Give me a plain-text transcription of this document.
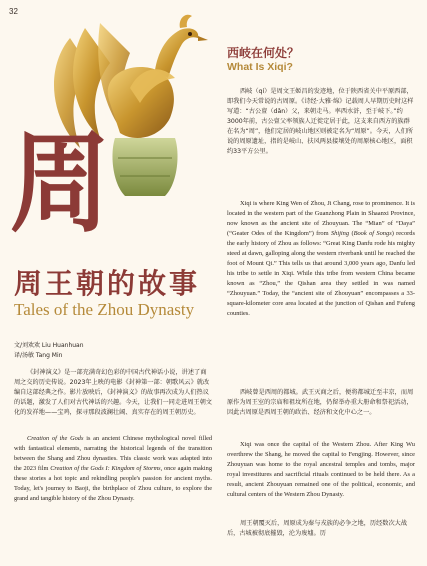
32
周
周王朝的故事
Tales of the Zhou Dynasty
文/刘欢欢 Liu Huanhuan
译/汤敏 Tang Min

《封神演义》是一部充满奇幻色彩的中国古代神话小说，讲述了商周之交的历史传说。2023年上映的电影《封神第一部：朝歌风云》就改编自这部经典之作。影片放映后，《封神演义》的故事再次成为人们热议的话题，激发了人们对古代神话的兴趣。今天，让我们一同走进周王朝文化的发祥地——宝鸡，探寻那段波澜壮阔、真实存在的周王朝历史。

Creation of the Gods is an ancient Chinese mythological novel filled with fantastical elements, narrating the historical legends of the transition between the Shang and Zhou dynasties. This classic work was adapted into the 2023 film Creation of the Gods I: Kingdom of Storms, once again making these stories a hot topic and rekindling people's passion for ancient myths. Today, let's journey to Baoji, the birthplace of Zhou culture, to explore the grand and tangible history of the Zhou Dynasty.

西岐在何处？
What Is Xiqi?

西岐（qí）是周文王姬昌的发迹地，位于陕西省关中平原西部，即我们今天常说的古周原。《诗经·大雅·绵》记载周人早期历史时这样写道：“古公亶（dǎn）父，来朝走马。率西水浒，至于岐下。”约3000年前，古公亶父率领族人迁徙定居于此，这支来自西方的族群在名为“周”，他们定居的岐山地区则被定名为“周原”。今天，人们所说的周原遗址，指的是岐山、扶风两县接壤处的周原核心地区，面积约33平方公里。

Xiqi is where King Wen of Zhou, Ji Chang, rose to prominence. It is located in the western part of the Guanzhong Plain in Shaanxi Province, now known as the ancient site of Zhouyuan. The “Mian” of “Daya” (“Geater Odes of the Kingdom”) from Shijing (Book of Songs) records the early history of Zhou as follows: “Great King Danfu rode his mighty steed at dawn, galloping along the western riverbank until he reached the foot of Mount Qi.” This tells us that around 3,000 years ago, Danfu led his tribe to settle in Xiqi. While this tribe from western China became known as “Zhou,” the Qishan area they settled in was named “Zhouyuan.” Today, the “ancient site of Zhouyuan” encompasses a 33-square-kilometer core area located at the junction of Qishan and Fufeng counties.

西岐曾是西周的都城。武王灭商之后，便将都城迁至丰京，而周原作为周王室的宗庙和祖坟所在地，仍留举办重大册命和祭祀活动，因此古周原是西周王朝的政治、经济和文化中心之一。

Xiqi was once the capital of the Western Zhou. After King Wu overthrew the Shang, he moved the capital to Fengjing. However, since Zhouyuan was home to the royal ancestral temples and tombs, major royal investitures and sacrificial rituals continued to be held there. As a result, ancient Zhouyuan remained one of the political, economic, and cultural centers of the Western Zhou Dynasty.

周王朝覆灭后，周原成为秦与戎族的必争之地，历经数次大战后，古城被彻底摧毁，沦为废墟。历
